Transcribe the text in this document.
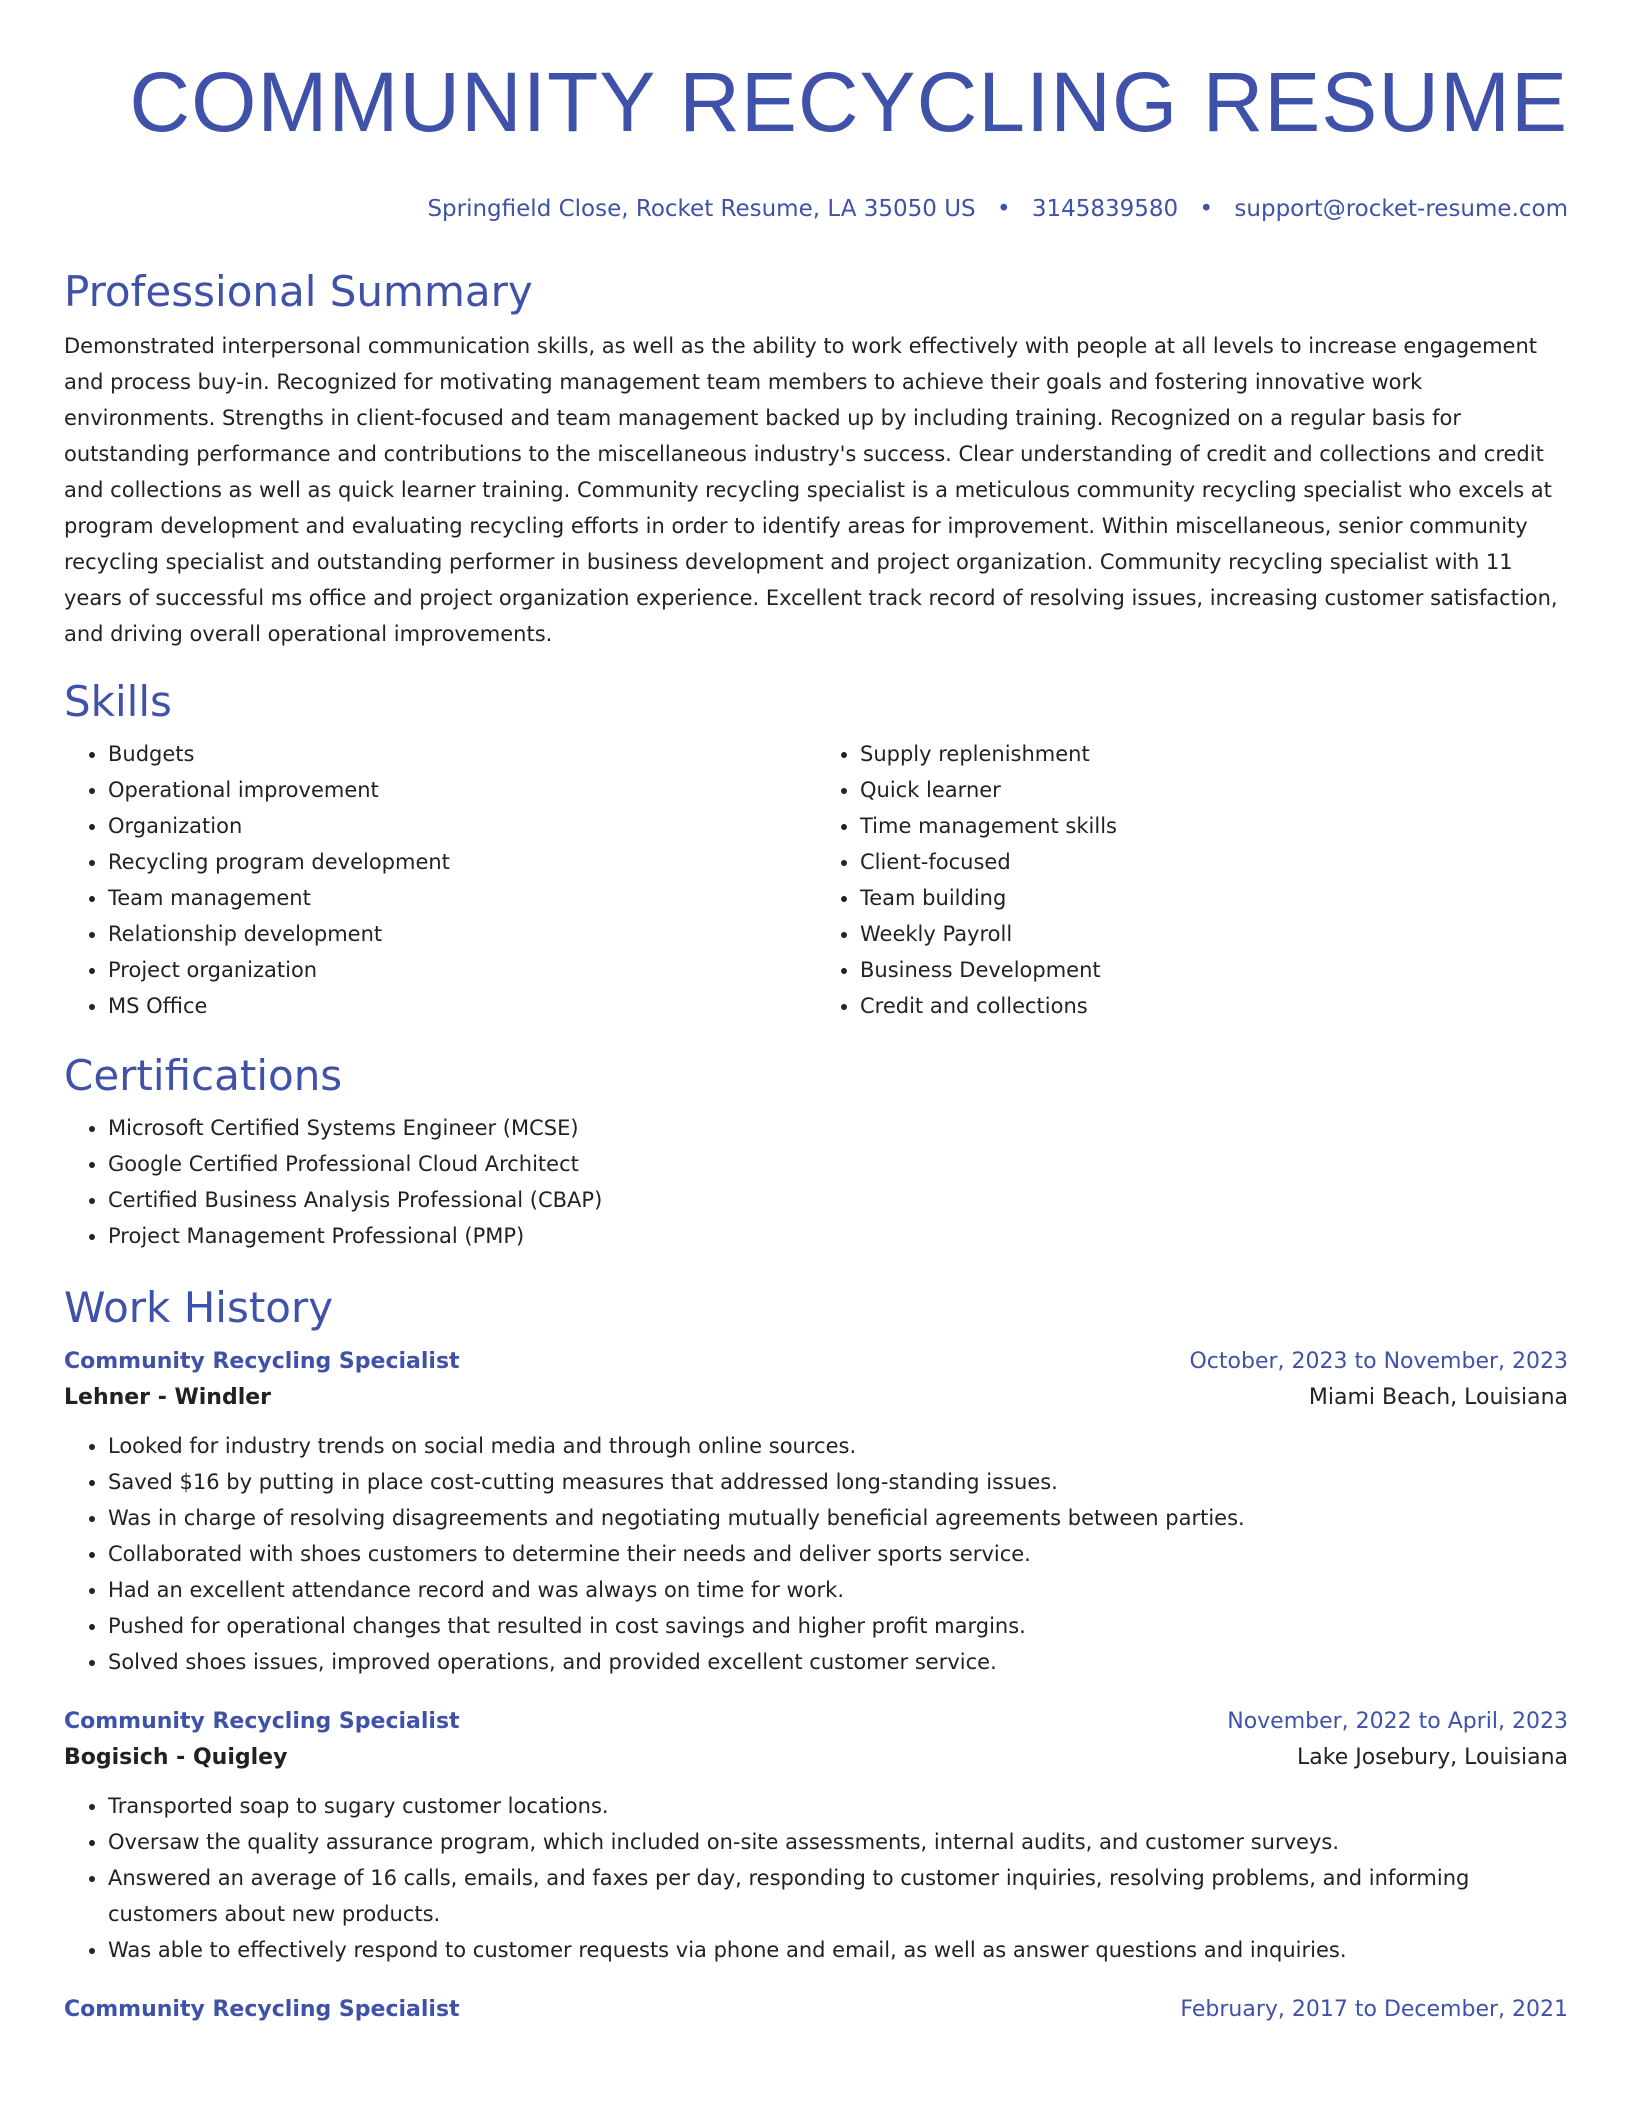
COMMUNITY RECYCLING RESUME
Springfield Close, Rocket Resume, LA 35050 US • 3145839580 • support@rocket-resume.com
Professional Summary

Demonstrated interpersonal communication skills, as well as the ability to work effectively with people at all levels to increase engagement and process buy-in. Recognized for motivating management team members to achieve their goals and fostering innovative work environments. Strengths in client-focused and team management backed up by including training. Recognized on a regular basis for outstanding performance and contributions to the miscellaneous industry's success. Clear understanding of credit and collections and credit and collections as well as quick learner training. Community recycling specialist is a meticulous community recycling specialist who excels at program development and evaluating recycling efforts in order to identify areas for improvement. Within miscellaneous, senior community recycling specialist and outstanding performer in business development and project organization. Community recycling specialist with 11 years of successful ms office and project organization experience. Excellent track record of resolving issues, increasing customer satisfaction, and driving overall operational improvements.

Skills
• Budgets
• Operational improvement
• Organization
• Recycling program development
• Team management
• Relationship development
• Project organization
• MS Office
• Supply replenishment
• Quick learner
• Time management skills
• Client-focused
• Team building
• Weekly Payroll
• Business Development
• Credit and collections
Certifications
• Microsoft Certified Systems Engineer (MCSE)
• Google Certified Professional Cloud Architect
• Certified Business Analysis Professional (CBAP)
• Project Management Professional (PMP)
Work History
Community Recycling Specialist	October, 2023 to November, 2023
Lehner - Windler	Miami Beach, Louisiana
• Looked for industry trends on social media and through online sources.
• Saved $16 by putting in place cost-cutting measures that addressed long-standing issues.
• Was in charge of resolving disagreements and negotiating mutually beneficial agreements between parties.
• Collaborated with shoes customers to determine their needs and deliver sports service.
• Had an excellent attendance record and was always on time for work.
• Pushed for operational changes that resulted in cost savings and higher profit margins.
• Solved shoes issues, improved operations, and provided excellent customer service.
Community Recycling Specialist	November, 2022 to April, 2023
Bogisich - Quigley	Lake Josebury, Louisiana
• Transported soap to sugary customer locations.
• Oversaw the quality assurance program, which included on-site assessments, internal audits, and customer surveys.
• Answered an average of 16 calls, emails, and faxes per day, responding to customer inquiries, resolving problems, and informing customers about new products.
• Was able to effectively respond to customer requests via phone and email, as well as answer questions and inquiries.
Community Recycling Specialist	February, 2017 to December, 2021
